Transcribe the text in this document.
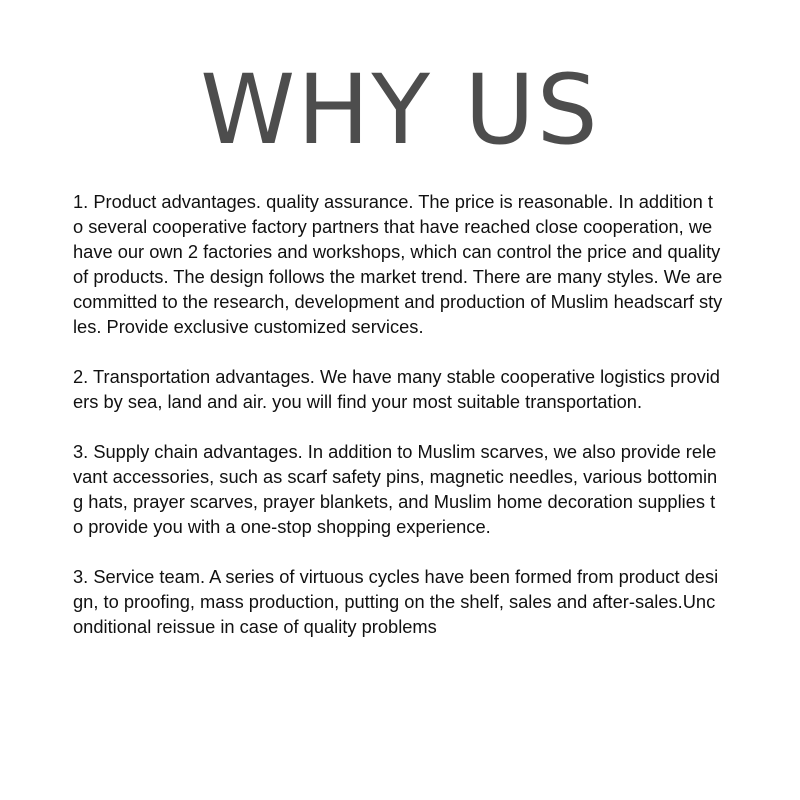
WHY US

1. Product advantages. quality assurance. The price is reasonable. In addition to several cooperative factory partners that have reached close cooperation, we have our own 2 factories and workshops, which can control the price and quality of products. The design follows the market trend. There are many styles. We are committed to the research, development and production of Muslim headscarf styles. Provide exclusive customized services.

2. Transportation advantages. We have many stable cooperative logistics providers by sea, land and air. you will find your most suitable transportation.

3. Supply chain advantages. In addition to Muslim scarves, we also provide relevant accessories, such as scarf safety pins, magnetic needles, various bottoming hats, prayer scarves, prayer blankets, and Muslim home decoration supplies to provide you with a one-stop shopping experience.

3. Service team. A series of virtuous cycles have been formed from product design, to proofing, mass production, putting on the shelf, sales and after-sales.Unconditional reissue in case of quality problems
